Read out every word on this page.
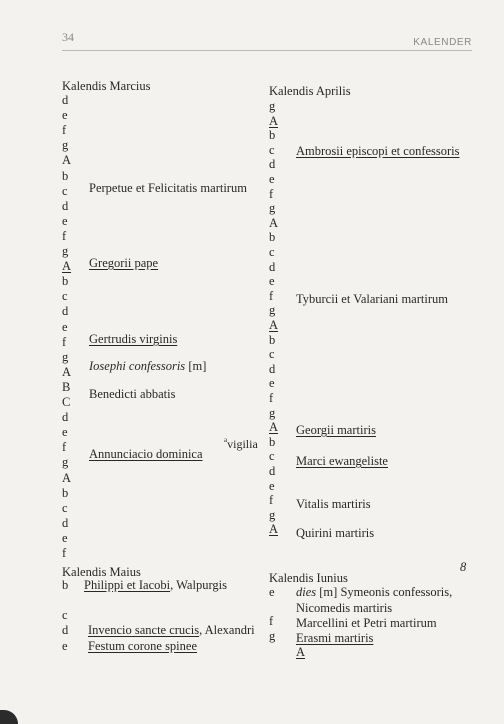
34	KALENDER
Kalendis Marcius
d
e
f
g
A
b
c
d
e
f
g
A
b
c
d
e
f
g
A
B
C
d
e
f
g
A
b
c
d
e
f
Perpetue et Felicitatis martirum
Gregorii pape
Gertrudis virginis
Iosephi confessoris [m]
Benedicti abbatis
$^a$vigilia
Annunciacio dominica
Kalendis Aprilis
g
A
b
c
d
e
f
g
A
b
c
d
e
f
g
A
b
c
d
e
f
g
A
b
c
d
e
f
g
A
Ambrosii episcopi et confessoris
Tyburcii et Valariani martirum
Georgii martiris
Marci ewangeliste
Vitalis martiris
Quirini martiris
Kalendis Maius
b Philippi et Iacobi, Walpurgis
c
d Invencio sancte crucis, Alexandri
e Festum corone spinee
Kalendis Iunius
8
e dies [m] Symeonis confessoris,
Nicomedis martiris
f Marcellini et Petri martirum
g Erasmi martiris
A
